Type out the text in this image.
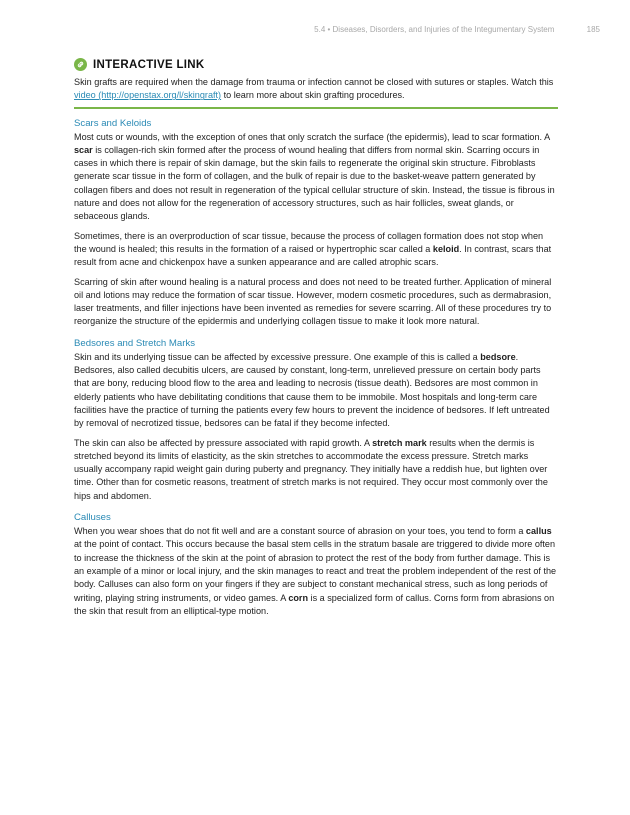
5.4 • Diseases, Disorders, and Injuries of the Integumentary System	185
INTERACTIVE LINK

Skin grafts are required when the damage from trauma or infection cannot be closed with sutures or staples. Watch this video (http://openstax.org/l/skingraft) to learn more about skin grafting procedures.

Scars and Keloids

Most cuts or wounds, with the exception of ones that only scratch the surface (the epidermis), lead to scar formation. A scar is collagen-rich skin formed after the process of wound healing that differs from normal skin. Scarring occurs in cases in which there is repair of skin damage, but the skin fails to regenerate the original skin structure. Fibroblasts generate scar tissue in the form of collagen, and the bulk of repair is due to the basket-weave pattern generated by collagen fibers and does not result in regeneration of the typical cellular structure of skin. Instead, the tissue is fibrous in nature and does not allow for the regeneration of accessory structures, such as hair follicles, sweat glands, or sebaceous glands.

Sometimes, there is an overproduction of scar tissue, because the process of collagen formation does not stop when the wound is healed; this results in the formation of a raised or hypertrophic scar called a keloid. In contrast, scars that result from acne and chickenpox have a sunken appearance and are called atrophic scars.

Scarring of skin after wound healing is a natural process and does not need to be treated further. Application of mineral oil and lotions may reduce the formation of scar tissue. However, modern cosmetic procedures, such as dermabrasion, laser treatments, and filler injections have been invented as remedies for severe scarring. All of these procedures try to reorganize the structure of the epidermis and underlying collagen tissue to make it look more natural.

Bedsores and Stretch Marks

Skin and its underlying tissue can be affected by excessive pressure. One example of this is called a bedsore. Bedsores, also called decubitis ulcers, are caused by constant, long-term, unrelieved pressure on certain body parts that are bony, reducing blood flow to the area and leading to necrosis (tissue death). Bedsores are most common in elderly patients who have debilitating conditions that cause them to be immobile. Most hospitals and long-term care facilities have the practice of turning the patients every few hours to prevent the incidence of bedsores. If left untreated by removal of necrotized tissue, bedsores can be fatal if they become infected.

The skin can also be affected by pressure associated with rapid growth. A stretch mark results when the dermis is stretched beyond its limits of elasticity, as the skin stretches to accommodate the excess pressure. Stretch marks usually accompany rapid weight gain during puberty and pregnancy. They initially have a reddish hue, but lighten over time. Other than for cosmetic reasons, treatment of stretch marks is not required. They occur most commonly over the hips and abdomen.

Calluses

When you wear shoes that do not fit well and are a constant source of abrasion on your toes, you tend to form a callus at the point of contact. This occurs because the basal stem cells in the stratum basale are triggered to divide more often to increase the thickness of the skin at the point of abrasion to protect the rest of the body from further damage. This is an example of a minor or local injury, and the skin manages to react and treat the problem independent of the rest of the body. Calluses can also form on your fingers if they are subject to constant mechanical stress, such as long periods of writing, playing string instruments, or video games. A corn is a specialized form of callus. Corns form from abrasions on the skin that result from an elliptical-type motion.
